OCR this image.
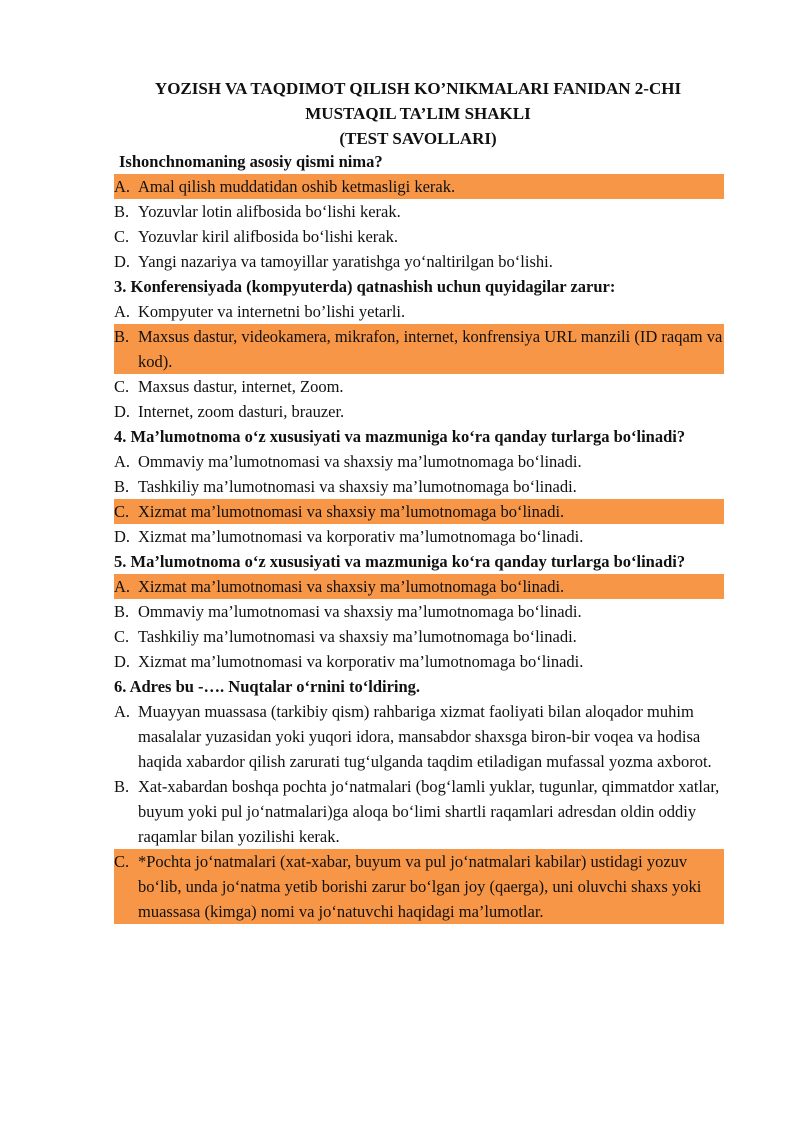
YOZISH VA TAQDIMOT QILISH KO’NIKMALARI FANIDAN 2-CHI
MUSTAQIL TA’LIM SHAKLI
(TEST SAVOLLARI)
Ishonchnomaning asosiy qismi nima?
A. Amal qilish muddatidan oshib ketmasligi kerak.
B. Yozuvlar lotin alifbosida bo‘lishi kerak.
C. Yozuvlar kiril alifbosida bo‘lishi kerak.
D. Yangi nazariya va tamoyillar yaratishga yo‘naltirilgan bo‘lishi.
3. Konferensiyada (kompyuterda) qatnashish uchun quyidagilar zarur:
A. Kompyuter va internetni bo’lishi yetarli.
B. Maxsus dastur, videokamera, mikrafon, internet, konfrensiya URL manzili (ID raqam va kod).
C. Maxsus dastur, internet, Zoom.
D. Internet, zoom dasturi, brauzer.
4. Ma’lumotnoma o‘z xususiyati va mazmuniga ko‘ra qanday turlarga bo‘linadi?
A. Ommaviy ma’lumotnomasi va shaxsiy ma’lumotnomaga bo‘linadi.
B. Tashkiliy ma’lumotnomasi va shaxsiy ma’lumotnomaga bo‘linadi.
C. Xizmat ma’lumotnomasi va shaxsiy ma’lumotnomaga bo‘linadi.
D. Xizmat ma’lumotnomasi va korporativ ma’lumotnomaga bo‘linadi.
5. Ma’lumotnoma o‘z xususiyati va mazmuniga ko‘ra qanday turlarga bo‘linadi?
A. Xizmat ma’lumotnomasi va shaxsiy ma’lumotnomaga bo‘linadi.
B. Ommaviy ma’lumotnomasi va shaxsiy ma’lumotnomaga bo‘linadi.
C. Tashkiliy ma’lumotnomasi va shaxsiy ma’lumotnomaga bo‘linadi.
D. Xizmat ma’lumotnomasi va korporativ ma’lumotnomaga bo‘linadi.
6. Adres bu -…. Nuqtalar o‘rnini to‘ldiring.
A. Muayyan muassasa (tarkibiy qism) rahbariga xizmat faoliyati bilan aloqador muhim masalalar yuzasidan yoki yuqori idora, mansabdor shaxsga biron-bir voqea va hodisa haqida xabardor qilish zarurati tug‘ulganda taqdim etiladigan mufassal yozma axborot.
B. Xat-xabardan boshqa pochta jo‘natmalari (bog‘lamli yuklar, tugunlar, qimmatdor xatlar, buyum yoki pul jo‘natmalari)ga aloqa bo‘limi shartli raqamlari adresdan oldin oddiy raqamlar bilan yozilishi kerak.
C. *Pochta jo‘natmalari (xat-xabar, buyum va pul jo‘natmalari kabilar) ustidagi yozuv bo‘lib, unda jo‘natma yetib borishi zarur bo‘lgan joy (qaerga), uni oluvchi shaxs yoki muassasa (kimga) nomi va jo‘natuvchi haqidagi ma’lumotlar.
